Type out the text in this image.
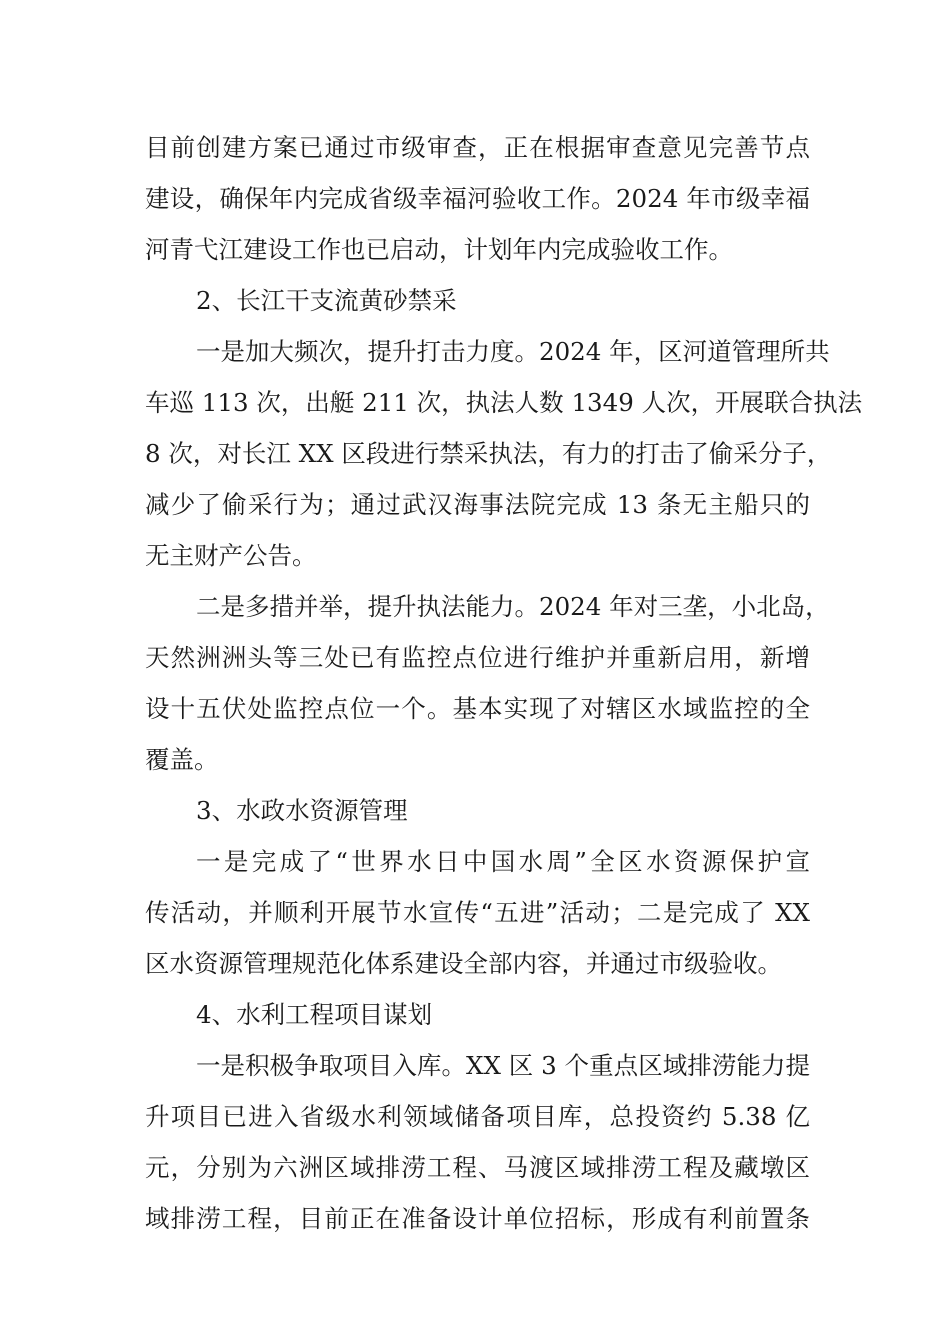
目前创建方案已通过市级审查，正在根据审查意见完善节点
建设，确保年内完成省级幸福河验收工作。2024 年市级幸福
河青弋江建设工作也已启动，计划年内完成验收工作。
2、长江干支流黄砂禁采
一是加大频次，提升打击力度。2024 年，区河道管理所共
车巡 113 次，出艇 211 次，执法人数 1349 人次，开展联合执法
8 次，对长江 XX 区段进行禁采执法，有力的打击了偷采分子，
减少了偷采行为；通过武汉海事法院完成 13 条无主船只的
无主财产公告。
二是多措并举，提升执法能力。2024 年对三垄，小北岛，
天然洲洲头等三处已有监控点位进行维护并重新启用，新增
设十五伏处监控点位一个。基本实现了对辖区水域监控的全
覆盖。
3、水政水资源管理
一是完成了“世界水日中国水周”全区水资源保护宣
传活动，并顺利开展节水宣传“五进”活动；二是完成了 XX
区水资源管理规范化体系建设全部内容，并通过市级验收。
4、水利工程项目谋划
一是积极争取项目入库。XX 区 3 个重点区域排涝能力提
升项目已进入省级水利领域储备项目库，总投资约 5.38 亿
元，分别为六洲区域排涝工程、马渡区域排涝工程及藏墩区
域排涝工程，目前正在准备设计单位招标，形成有利前置条
